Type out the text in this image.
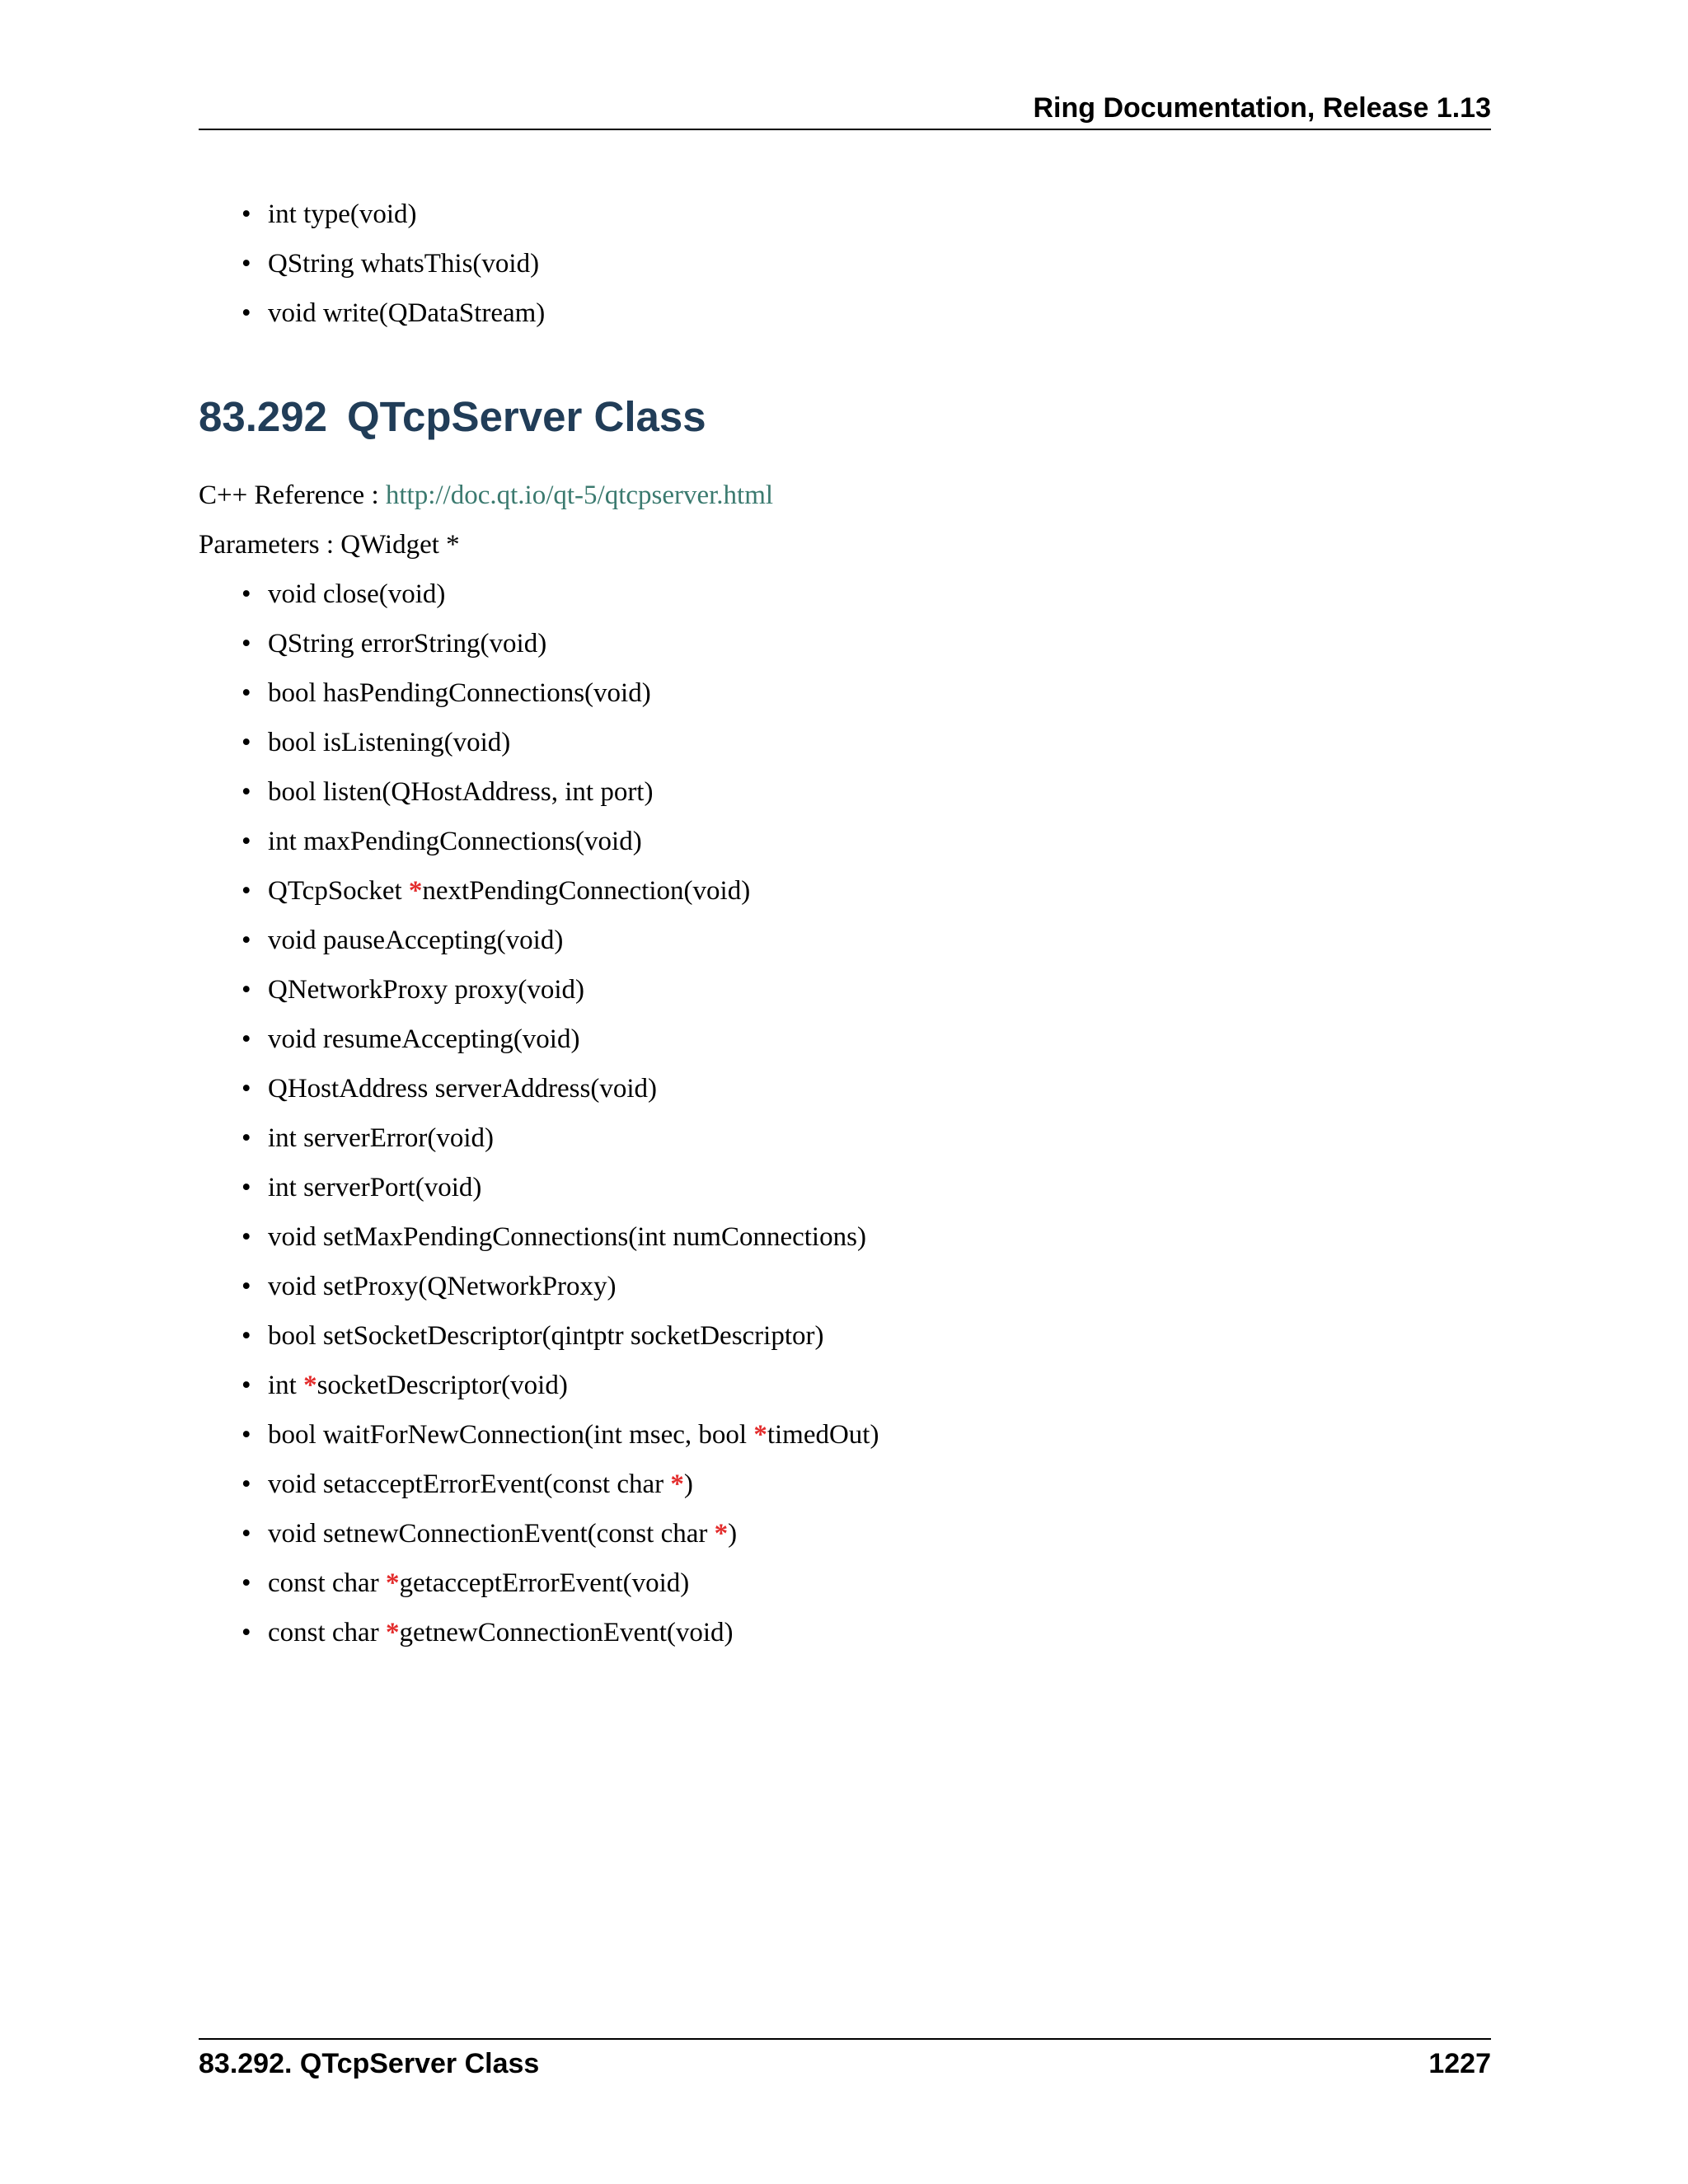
Ring Documentation, Release 1.13
• int type(void)
• QString whatsThis(void)
• void write(QDataStream)
83.292 QTcpServer Class
C++ Reference : http://doc.qt.io/qt-5/qtcpserver.html
Parameters : QWidget *
• void close(void)
• QString errorString(void)
• bool hasPendingConnections(void)
• bool isListening(void)
• bool listen(QHostAddress, int port)
• int maxPendingConnections(void)
• QTcpSocket *nextPendingConnection(void)
• void pauseAccepting(void)
• QNetworkProxy proxy(void)
• void resumeAccepting(void)
• QHostAddress serverAddress(void)
• int serverError(void)
• int serverPort(void)
• void setMaxPendingConnections(int numConnections)
• void setProxy(QNetworkProxy)
• bool setSocketDescriptor(qintptr socketDescriptor)
• int *socketDescriptor(void)
• bool waitForNewConnection(int msec, bool *timedOut)
• void setacceptErrorEvent(const char *)
• void setnewConnectionEvent(const char *)
• const char *getacceptErrorEvent(void)
• const char *getnewConnectionEvent(void)
83.292. QTcpServer Class	1227
